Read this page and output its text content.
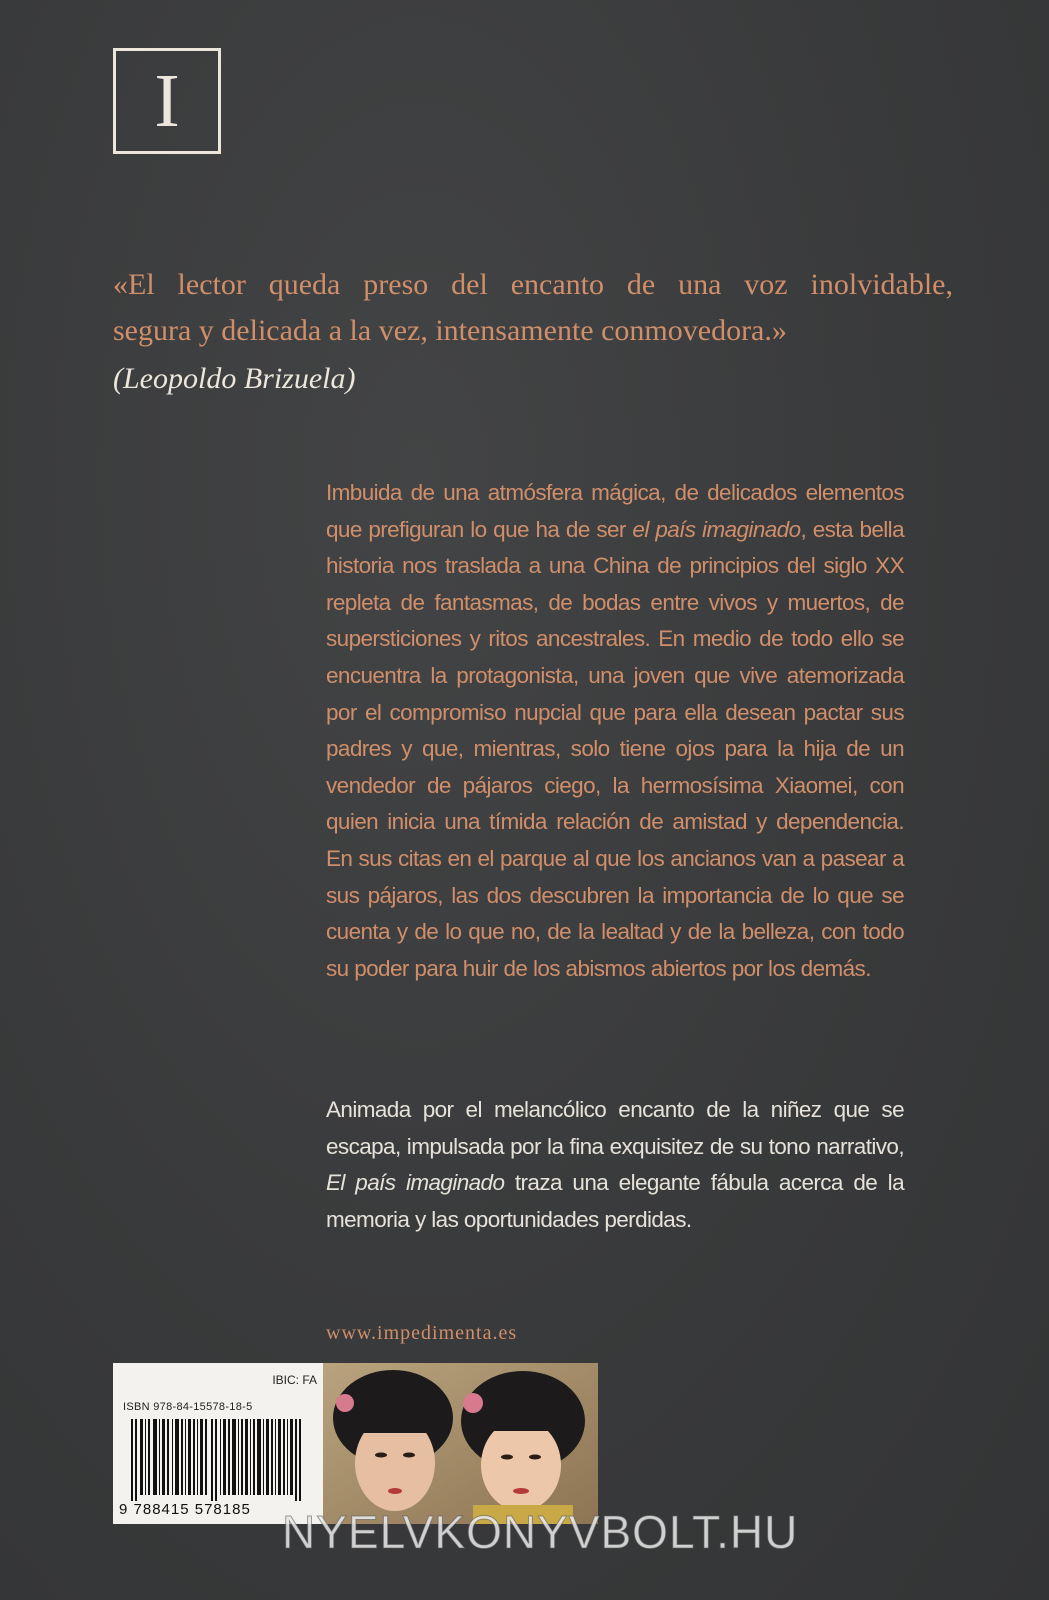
I
«El lector queda preso del encanto de una voz inolvidable,
segura y delicada a la vez, intensamente conmovedora.»
(Leopoldo Brizuela)
Imbuida de una atmósfera mágica, de delicados elementos que prefiguran lo que ha de ser el país imaginado, esta bella historia nos traslada a una China de principios del siglo XX repleta de fantasmas, de bodas entre vivos y muertos, de supersticiones y ritos ancestrales. En medio de todo ello se encuentra la protagonista, una joven que vive atemorizada por el compromiso nupcial que para ella desean pactar sus padres y que, mientras, solo tiene ojos para la hija de un vendedor de pájaros ciego, la hermosísima Xiaomei, con quien inicia una tímida relación de amistad y dependencia. En sus citas en el parque al que los ancianos van a pasear a sus pájaros, las dos descubren la importancia de lo que se cuenta y de lo que no, de la lealtad y de la belleza, con todo su poder para huir de los abismos abiertos por los demás.
Animada por el melancólico encanto de la niñez que se escapa, impulsada por la fina exquisitez de su tono narrativo, El país imaginado traza una elegante fábula acerca de la memoria y las oportunidades perdidas.
www.impedimenta.es
IBIC: FA
ISBN 978-84-15578-18-5
9 788415 578185 NYELVKONYVBOLT.HU
